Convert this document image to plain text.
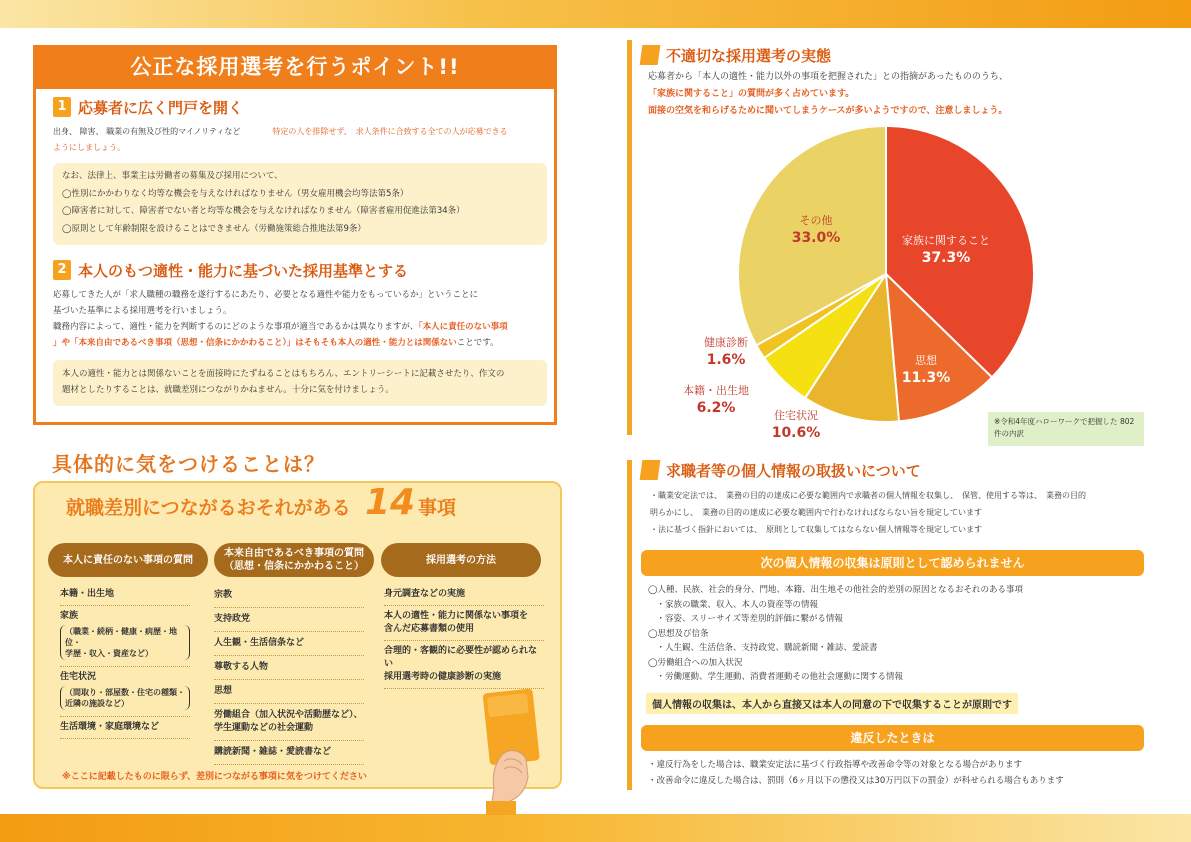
公正な採用選考を行うポイント!!
1 応募者に広く門戸を開く
出身、 障害、 職業の有無及び性的マイノリティなど　　　　	特定の人を排除せず、　 求人条件に合致する全ての人が応募できる
ようにしましょう。
なお、法律上、事業主は労働者の募集及び採用について、
◯性別にかかわりなく均等な機会を与えなければなりません（男女雇用機会均等法第5条）
◯障害者に対して、障害者でない者と均等な機会を与えなければなりません（障害者雇用促進法第34条）
◯原則として年齢制限を設けることはできません（労働施策総合推進法第9条）
2 本人のもつ適性・能力に基づいた採用基準とする
応募してきた人が「求人職種の職務を遂行するにあたり、必要となる適性や能力をもっているか」ということに
基づいた基準による採用選考を行いましょう。
職務内容によって、適性・能力を判断するのにどのような事項が適当であるかは異なりますが、「本人に責任のない事項
」や「本来自由であるべき事項（思想・信条にかかわること）」はそもそも本人の適性・能力とは関係ないことです。
本人の適性・能力とは関係ないことを面接時にたずねることはもちろん、エントリーシートに記載させたり、作文の
題材としたりすることは、就職差別につながりかねません。十分に気を付けましょう。
具体的に気をつけることは？
就職差別につながるおそれがある 14 事項
本人に責任のない事項の質問
本籍・出生地
家族
（職業・続柄・健康・病歴・地位・
学歴・収入・資産など）
住宅状況
（間取り・部屋数・住宅の種類・
近隣の施設など）
生活環境・家庭環境など
本来自由であるべき事項の質問
（思想・信条にかかわること）
宗教
支持政党
人生観・生活信条など
尊敬する人物
思想
労働組合（加入状況や活動歴など）、
学生運動などの社会運動
購読新聞・雑誌・愛読書など
採用選考の方法
身元調査などの実施
本人の適性・能力に関係ない事項を
含んだ応募書類の使用
合理的・客観的に必要性が認められない
採用選考時の健康診断の実施
※ここに記載したものに限らず、差別につながる事項に気をつけてください
不適切な採用選考の実態
応募者から「本人の適性・能力以外の事項を把握された」との指摘があったもののうち、
「家族に関すること」の質問が多く占めています。
面接の空気を和らげるために聞いてしまうケースが多いようですので、注意しましょう。
家族に関すること
37.3%
思想
11.3%
住宅状況
10.6%
本籍・出生地
6.2%
健康診断
1.6%
その他
33.0%
※令和4年度ハローワークで把握した 802件の内訳
求職者等の個人情報の取扱いについて
・職業安定法では、　 業務の目的の達成に必要な範囲内で求職者の個人情報を収集し、　 保管、使用する等は、　 業務の目的
明らかにし、　業務の目的の達成に必要な範囲内で行わなければならない旨を規定しています
・法に基づく指針においては、　 原則として収集してはならない個人情報等を規定しています
次の個人情報の収集は原則として認められません
◯人種、民族、社会的身分、門地、本籍、出生地その他社会的差別の原因となるおそれのある事項
　・家族の職業、収入、本人の資産等の情報
　・容姿、スリーサイズ等差別的評価に繋がる情報
◯思想及び信条
　・人生観、生活信条、支持政党、購読新聞・雑誌、愛読書
◯労働組合への加入状況
　・労働運動、学生運動、消費者運動その他社会運動に関する情報
個人情報の収集は、本人から直接又は本人の同意の下で収集することが原則です
違反したときは
・違反行為をした場合は、職業安定法に基づく行政指導や改善命令等の対象となる場合があります
・改善命令に違反した場合は、罰則（6ヶ月以下の懲役又は30万円以下の罰金）が科せられる場合もあります
